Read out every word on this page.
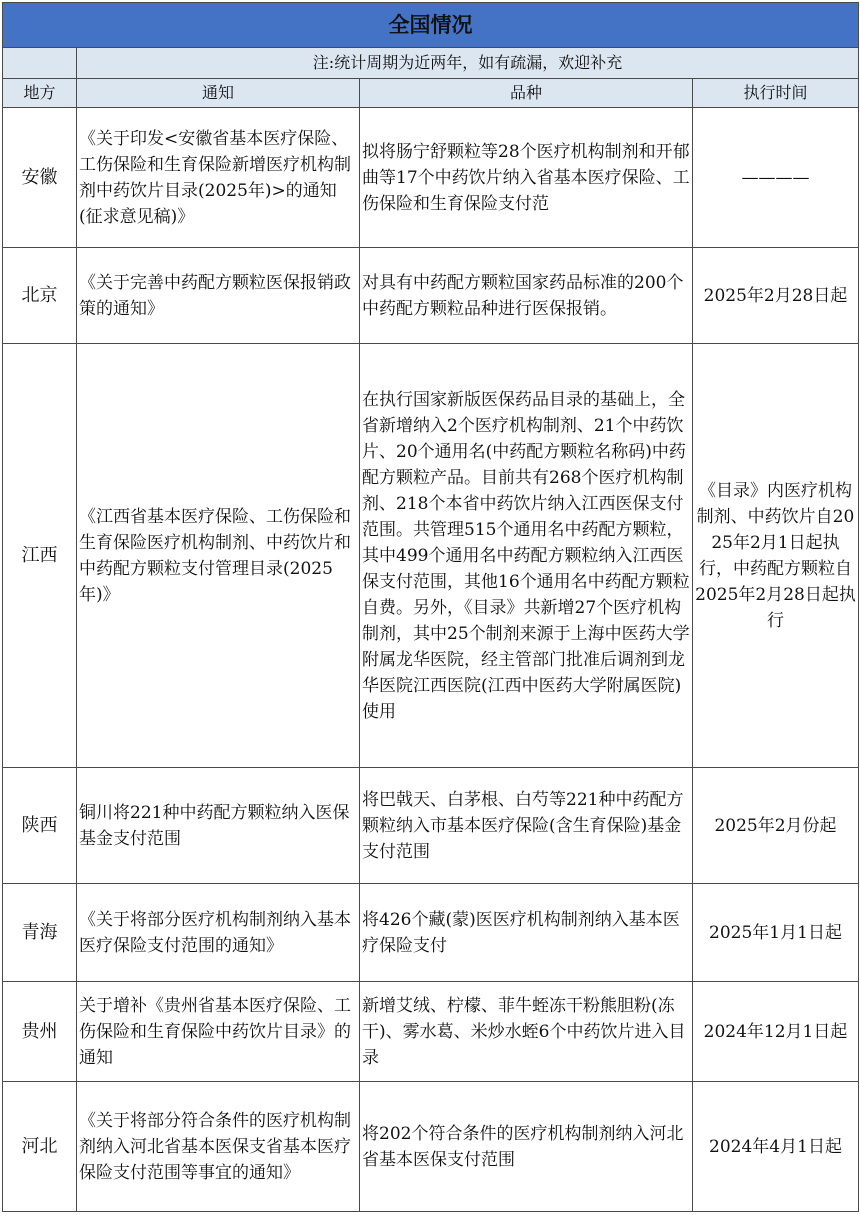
全国情况			
	注:统计周期为近两年，如有疏漏，欢迎补充		
地方	通知	品种	执行时间
安徽	《关于印发<安徽省基本医疗保险、工伤保险和生育保险新增医疗机构制剂中药饮片目录(2025年)>的通知(征求意见稿)》	拟将肠宁舒颗粒等28个医疗机构制剂和开郁曲等17个中药饮片纳入省基本医疗保险、工伤保险和生育保险支付范	————
北京	《关于完善中药配方颗粒医保报销政策的通知》	对具有中药配方颗粒国家药品标准的200个中药配方颗粒品种进行医保报销。	2025年2月28日起
江西	《江西省基本医疗保险、工伤保险和生育保险医疗机构制剂、中药饮片和中药配方颗粒支付管理目录(2025年)》	在执行国家新版医保药品目录的基础上，全省新增纳入2个医疗机构制剂、21个中药饮片、20个通用名(中药配方颗粒名称码)中药配方颗粒产品。目前共有268个医疗机构制剂、218个本省中药饮片纳入江西医保支付范围。共管理515个通用名中药配方颗粒，其中499个通用名中药配方颗粒纳入江西医保支付范围，其他16个通用名中药配方颗粒自费。另外，《目录》共新增27个医疗机构制剂，其中25个制剂来源于上海中医药大学附属龙华医院，经主管部门批准后调剂到龙华医院江西医院(江西中医药大学附属医院)使用	《目录》内医疗机构制剂、中药饮片自2025年2月1日起执行，中药配方颗粒自2025年2月28日起执行
陕西	铜川将221种中药配方颗粒纳入医保基金支付范围	将巴戟天、白茅根、白芍等221种中药配方颗粒纳入市基本医疗保险(含生育保险)基金支付范围	2025年2月份起
青海	《关于将部分医疗机构制剂纳入基本医疗保险支付范围的通知》	将426个藏(蒙)医医疗机构制剂纳入基本医疗保险支付	2025年1月1日起
贵州	关于增补《贵州省基本医疗保险、工伤保险和生育保险中药饮片目录》的通知	新增艾绒、柠檬、菲牛蛭冻干粉熊胆粉(冻干)、雾水葛、米炒水蛭6个中药饮片进入目录	2024年12月1日起
河北	《关于将部分符合条件的医疗机构制剂纳入河北省基本医保支省基本医疗保险支付范围等事宜的通知》	将202个符合条件的医疗机构制剂纳入河北省基本医保支付范围	2024年4月1日起
